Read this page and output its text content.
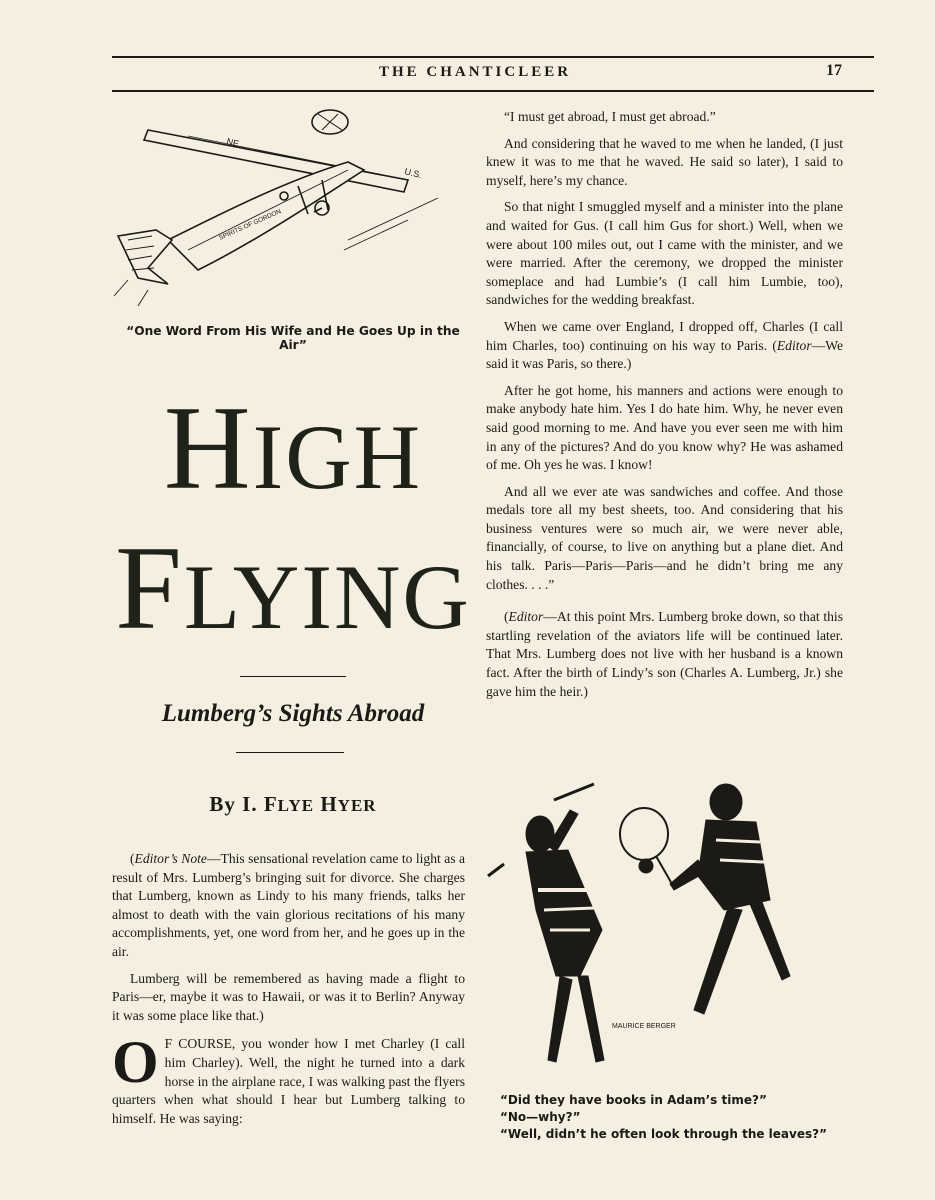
THE CHANTICLEER	17
NE
U.S.
SPIRITS OF GORDON
“One Word From His Wife and He Goes Up in the Air”
HIGH
FLYING
Lumberg’s Sights Abroad
By I. FLYE HYER

(Editor’s Note—This sensational revelation came to light as a result of Mrs. Lumberg’s bringing suit for divorce. She charges that Lumberg, known as Lindy to his many friends, talks her almost to death with the vain glorious recitations of his many accomplishments, yet, one word from her, and he goes up in the air.

Lumberg will be remembered as having made a flight to Paris—er, maybe it was to Hawaii, or was it to Berlin? Anyway it was some place like that.)

O F COURSE, you wonder how I met Charley (I call him Charley). Well, the night he turned into a dark horse in the airplane race, I was walking past the flyers quarters when what should I hear but Lumberg talking to himself. He was saying:

“I must get abroad, I must get abroad.”

And considering that he waved to me when he landed, (I just knew it was to me that he waved. He said so later), I said to myself, here’s my chance.

So that night I smuggled myself and a minister into the plane and waited for Gus. (I call him Gus for short.) Well, when we were about 100 miles out, out I came with the minister, and we were married. After the ceremony, we dropped the minister someplace and had Lumbie’s (I call him Lumbie, too), sandwiches for the wedding breakfast.

When we came over England, I dropped off, Charles (I call him Charles, too) continuing on his way to Paris. (Editor—We said it was Paris, so there.)

After he got home, his manners and actions were enough to make anybody hate him. Yes I do hate him. Why, he never even said good morning to me. And have you ever seen me with him in any of the pictures? And do you know why? He was ashamed of me. Oh yes he was. I know!

And all we ever ate was sandwiches and coffee. And those medals tore all my best sheets, too. And considering that his business ventures were so much air, we were never able, financially, of course, to live on anything but a plane diet. And his talk. Paris—Paris—Paris—and he didn’t bring me any clothes. . . .”

(Editor—At this point Mrs. Lumberg broke down, so that this startling revelation of the aviators life will be continued later. That Mrs. Lumberg does not live with her husband is a known fact. After the birth of Lindy’s son (Charles A. Lumberg, Jr.) she gave him the heir.)

MAURICE BERGER
“Did they have books in Adam’s time?”
“No—why?”
“Well, didn’t he often look through the leaves?”
